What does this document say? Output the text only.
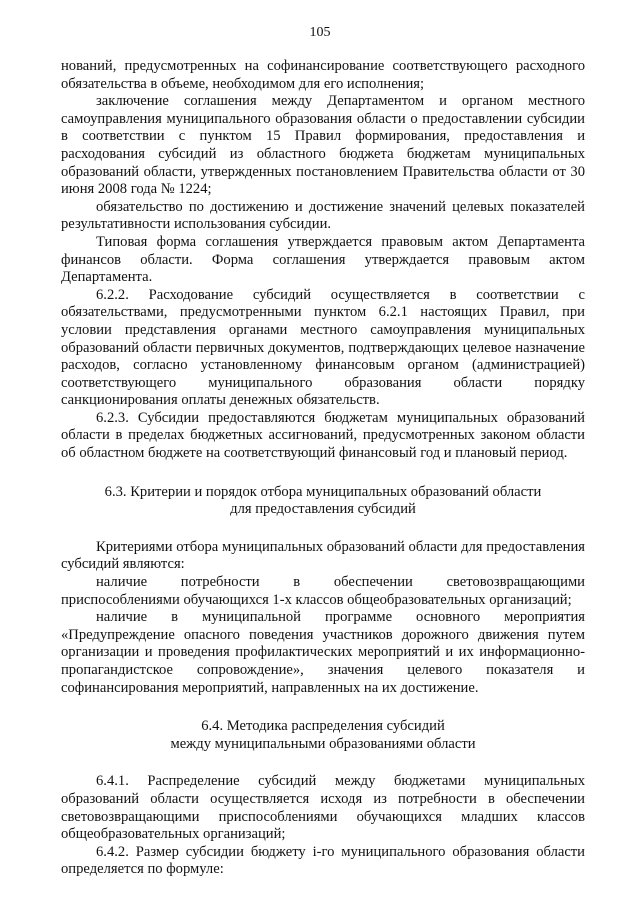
105

нований, предусмотренных на софинансирование соответствующего расходного обязательства в объеме, необходимом для его исполнения;

заключение соглашения между Департаментом и органом местного самоуправления муниципального образования области о предоставлении субсидии в соответствии с пунктом 15 Правил формирования, предоставления и расходования субсидий из областного бюджета бюджетам муниципальных образований области, утвержденных постановлением Правительства области от 30 июня 2008 года № 1224;

обязательство по достижению и достижение значений целевых показателей результативности использования субсидии.

Типовая форма соглашения утверждается правовым актом Департамента финансов области. Форма соглашения утверждается правовым актом Департамента.

6.2.2. Расходование субсидий осуществляется в соответствии с обязательствами, предусмотренными пунктом 6.2.1 настоящих Правил, при условии представления органами местного самоуправления муниципальных образований области первичных документов, подтверждающих целевое назначение расходов, согласно установленному финансовым органом (администрацией) соответствующего муниципального образования области порядку санкционирования оплаты денежных обязательств.

6.2.3. Субсидии предоставляются бюджетам муниципальных образований области в пределах бюджетных ассигнований, предусмотренных законом области об областном бюджете на соответствующий финансовый год и плановый период.

6.3. Критерии и порядок отбора муниципальных образований области

для предоставления субсидий

Критериями отбора муниципальных образований области для предоставления субсидий являются:

наличие потребности в обеспечении световозвращающими приспособлениями обучающихся 1-х классов общеобразовательных организаций;

наличие в муниципальной программе основного мероприятия «Предупреждение опасного поведения участников дорожного движения путем организации и проведения профилактических мероприятий и их информационно-пропагандистское сопровождение», значения целевого показателя и софинансирования мероприятий, направленных на их достижение.

6.4. Методика распределения субсидий

между муниципальными образованиями области

6.4.1. Распределение субсидий между бюджетами муниципальных образований области осуществляется исходя из потребности в обеспечении световозвращающими приспособлениями обучающихся младших классов общеобразовательных организаций;

6.4.2. Размер субсидии бюджету i-го муниципального образования области определяется по формуле:
